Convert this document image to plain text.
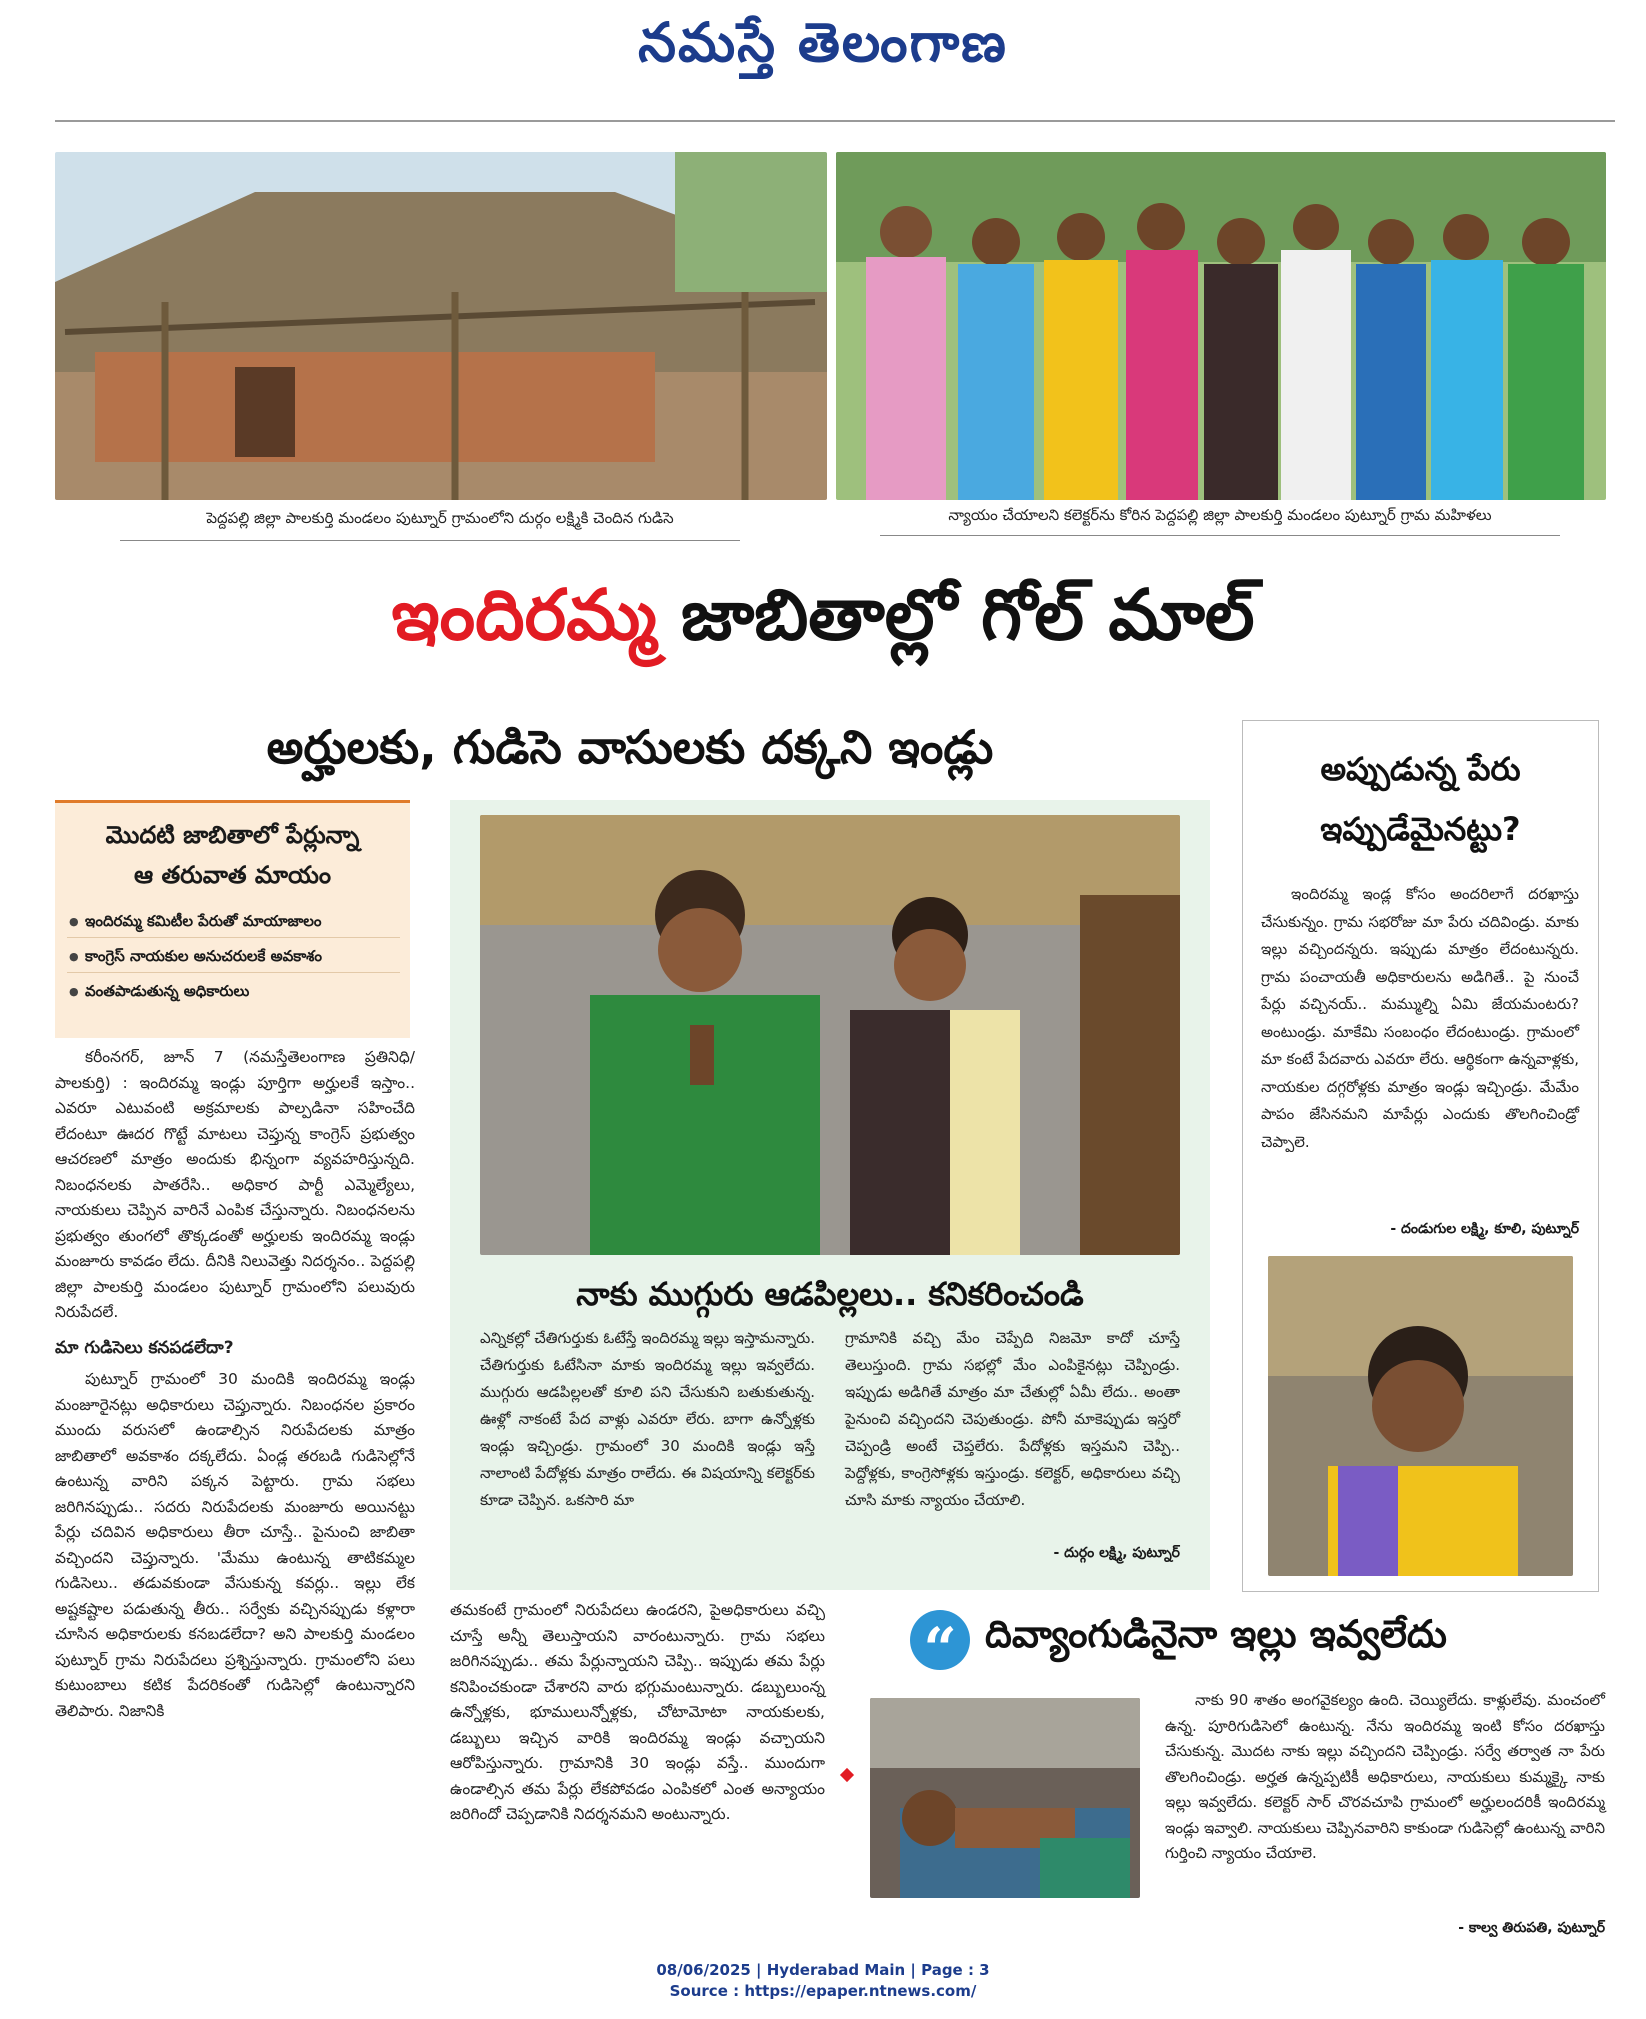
నమస్తే తెలంగాణ
పెద్దపల్లి జిల్లా పాలకుర్తి మండలం పుట్నూర్ గ్రామంలోని దుర్గం లక్ష్మికి చెందిన గుడిసె	న్యాయం చేయాలని కలెక్టర్‌ను కోరిన పెద్దపల్లి జిల్లా పాలకుర్తి మండలం పుట్నూర్ గ్రామ మహిళలు
ఇందిరమ్మ జాబితాల్లో గోల్ మాల్
అర్హులకు, గుడిసె వాసులకు దక్కని ఇండ్లు
మొదటి జాబితాలో పేర్లున్నా
ఆ తరువాత మాయం
● ఇందిరమ్మ కమిటీల పేరుతో మాయాజాలం
● కాంగ్రెస్ నాయకుల అనుచరులకే అవకాశం
● వంతపాడుతున్న అధికారులు

కరీంనగర్, జూన్ 7 (నమస్తేతెలంగాణ ప్రతినిధి/ పాలకుర్తి) : ఇందిరమ్మ ఇండ్లు పూర్తిగా అర్హులకే ఇస్తాం.. ఎవరూ ఎటువంటి అక్రమాలకు పాల్పడినా సహించేది లేదంటూ ఊదర గొట్టే మాటలు చెప్తున్న కాంగ్రెస్ ప్రభుత్వం ఆచరణలో మాత్రం అందుకు భిన్నంగా వ్యవహరిస్తున్నది. నిబంధనలకు పాతరేసి.. అధికార పార్టీ ఎమ్మెల్యేలు, నాయకులు చెప్పిన వారినే ఎంపిక చేస్తున్నారు. నిబంధనలను ప్రభుత్వం తుంగలో తొక్కడంతో అర్హులకు ఇందిరమ్మ ఇండ్లు మంజూరు కావడం లేదు. దీనికి నిలువెత్తు నిదర్శనం.. పెద్దపల్లి జిల్లా పాలకుర్తి మండలం పుట్నూర్ గ్రామంలోని పలువురు నిరుపేదలే.

మా గుడిసెలు కనపడలేదా?

పుట్నూర్ గ్రామంలో 30 మందికి ఇందిరమ్మ ఇండ్లు మంజూరైనట్లు అధికారులు చెప్తున్నారు. నిబంధనల ప్రకారం ముందు వరుసలో ఉండాల్సిన నిరుపేదలకు మాత్రం జాబితాలో అవకాశం దక్కలేదు. ఏండ్ల తరబడి గుడిసెల్లోనే ఉంటున్న వారిని పక్కన పెట్టారు. గ్రామ సభలు జరిగినప్పుడు.. సదరు నిరుపేదలకు మంజూరు అయినట్టు పేర్లు చదివిన అధికారులు తీరా చూస్తే.. పైనుంచి జాబితా వచ్చిందని చెప్తున్నారు. 'మేము ఉంటున్న తాటికమ్మల గుడిసెలు.. తడువకుండా వేసుకున్న కవర్లు.. ఇల్లు లేక అష్టకష్టాల పడుతున్న తీరు.. సర్వేకు వచ్చినప్పుడు కళ్లారా చూసిన అధికారులకు కనబడలేదా? అని పాలకుర్తి మండలం పుట్నూర్ గ్రామ నిరుపేదలు ప్రశ్నిస్తున్నారు. గ్రామంలోని పలు కుటుంబాలు కటిక పేదరికంతో గుడిసెల్లో ఉంటున్నారని తెలిపారు. నిజానికి

నాకు ముగ్గురు ఆడపిల్లలు.. కనికరించండి
ఎన్నికల్లో చేతిగుర్తుకు ఓటేస్తే ఇందిరమ్మ ఇల్లు ఇస్తామన్నారు. చేతిగుర్తుకు ఓటేసినా మాకు ఇందిరమ్మ ఇల్లు ఇవ్వలేదు. ముగ్గురు ఆడపిల్లలతో కూలి పని చేసుకుని బతుకుతున్న. ఊళ్లో నాకంటే పేద వాళ్లు ఎవరూ లేరు. బాగా ఉన్నోళ్లకు ఇండ్లు ఇచ్చిండ్రు. గ్రామంలో 30 మందికి ఇండ్లు ఇస్తే నాలాంటి పేదోళ్లకు మాత్రం రాలేదు. ఈ విషయాన్ని కలెక్టర్‌కు కూడా చెప్పిన. ఒకసారి మా
గ్రామానికి వచ్చి మేం చెప్పేది నిజమో కాదో చూస్తే తెలుస్తుంది. గ్రామ సభల్లో మేం ఎంపికైనట్లు చెప్పిండ్రు. ఇప్పుడు అడిగితే మాత్రం మా చేతుల్లో ఏమీ లేదు.. అంతా పైనుంచి వచ్చిందని చెపుతుండ్రు. పోనీ మాకెప్పుడు ఇస్తరో చెప్పండ్రి అంటే చెప్తలేరు. పేదోళ్లకు ఇస్తమని చెప్పి.. పెద్దోళ్లకు, కాంగ్రెసోళ్లకు ఇస్తుండ్రు. కలెక్టర్, అధికారులు వచ్చి చూసి మాకు న్యాయం చేయాలి.
- దుర్గం లక్ష్మి, పుట్నూర్
తమకంటే గ్రామంలో నిరుపేదలు ఉండరని, పైఅధికారులు వచ్చి చూస్తే అన్నీ తెలుస్తాయని వారంటున్నారు. గ్రామ సభలు జరిగినప్పుడు.. తమ పేర్లున్నాయని చెప్పి.. ఇప్పుడు తమ పేర్లు కనిపించకుండా చేశారని వారు భగ్గుమంటున్నారు. డబ్బులుంన్న ఉన్నోళ్లకు, భూములున్నోళ్లకు, చోటామోటా నాయకులకు, డబ్బులు ఇచ్చిన వారికి ఇందిరమ్మ ఇండ్లు వచ్చాయని ఆరోపిస్తున్నారు. గ్రామానికి 30 ఇండ్లు వస్తే.. ముందుగా ఉండాల్సిన తమ పేర్లు లేకపోవడం ఎంపికలో ఎంత అన్యాయం జరిగిందో చెప్పడానికి నిదర్శనమని అంటున్నారు.
అప్పుడున్న పేరు
ఇప్పుడేమైనట్టు?
ఇందిరమ్మ ఇండ్ల కోసం అందరిలాగే దరఖాస్తు చేసుకున్నం. గ్రామ సభరోజు మా పేరు చదివిండ్రు. మాకు ఇల్లు వచ్చిందన్నరు. ఇప్పుడు మాత్రం లేదంటున్నరు. గ్రామ పంచాయతీ అధికారులను అడిగితే.. పై నుంచే పేర్లు వచ్చినయ్.. మమ్ముల్ని ఏమి జేయమంటరు? అంటుండ్రు. మాకేమి సంబంధం లేదంటుండ్రు. గ్రామంలో మా కంటే పేదవారు ఎవరూ లేరు. ఆర్థికంగా ఉన్నవాళ్లకు, నాయకుల దగ్గరోళ్లకు మాత్రం ఇండ్లు ఇచ్చిండ్రు. మేమేం పాపం జేసినమని మాపేర్లు ఎందుకు తొలగించిండ్రో చెప్పాలె.
- దండుగుల లక్ష్మి, కూలి, పుట్నూర్
“ దివ్యాంగుడినైనా ఇల్లు ఇవ్వలేదు
నాకు 90 శాతం అంగవైకల్యం ఉంది. చెయ్యిలేదు. కాళ్లులేవు. మంచంలో ఉన్న. పూరిగుడిసెలో ఉంటున్న. నేను ఇందిరమ్మ ఇంటి కోసం దరఖాస్తు చేసుకున్న. మొదట నాకు ఇల్లు వచ్చిందని చెప్పిండ్రు. సర్వే తర్వాత నా పేరు తొలగించిండ్రు. అర్హత ఉన్నప్పటికీ అధికారులు, నాయకులు కుమ్మక్కై నాకు ఇల్లు ఇవ్వలేదు. కలెక్టర్ సార్ చొరవచూపి గ్రామంలో అర్హులందరికీ ఇందిరమ్మ ఇండ్లు ఇవ్వాలి. నాయకులు చెప్పినవారిని కాకుండా గుడిసెల్లో ఉంటున్న వారిని గుర్తించి న్యాయం చేయాలె.
- కాల్వ తిరుపతి, పుట్నూర్
08/06/2025 | Hyderabad Main | Page : 3
Source : https://epaper.ntnews.com/
